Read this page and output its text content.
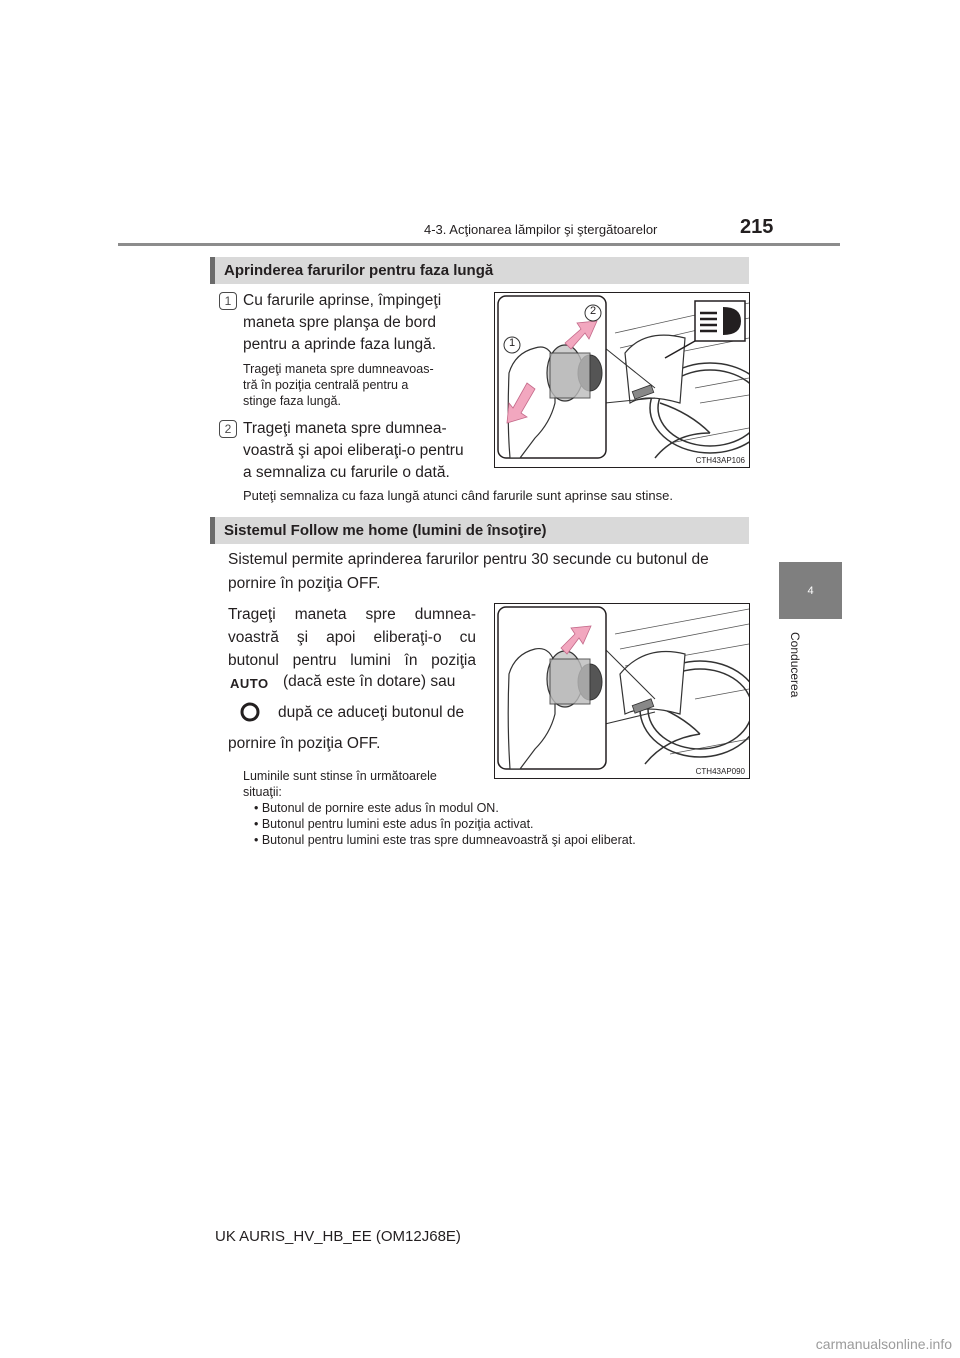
4-3. Acţionarea lămpilor şi ştergătoarelor	215
4
Conducerea
Aprinderea farurilor pentru faza lungă
1 Cu farurile aprinse, împingeţi
maneta spre planşa de bord
pentru a aprinde faza lungă.
Trageţi maneta spre dumneavoas-
tră în poziţia centrală pentru a
stinge faza lungă.
2 Trageţi maneta spre dumnea-
voastră şi apoi eliberaţi-o pentru
a semnaliza cu farurile o dată.
Puteţi semnaliza cu faza lungă atunci când farurile sunt aprinse sau stinse.
1
2
CTH43AP106
Sistemul Follow me home (lumini de însoţire)
Sistemul permite aprinderea farurilor pentru 30 secunde cu butonul de
pornire în poziţia OFF.
Trageţi maneta spre dumnea-
voastră şi apoi eliberaţi-o cu
butonul pentru lumini în poziţia
AUTO (dacă este în dotare) sau
după ce aduceţi butonul de
pornire în poziţia OFF.
Luminile sunt stinse în următoarele
situaţii:
• Butonul de pornire este adus în modul ON.
• Butonul pentru lumini este adus în poziţia activat.
• Butonul pentru lumini este tras spre dumneavoastră şi apoi eliberat.
CTH43AP090
UK AURIS_HV_HB_EE (OM12J68E)
carmanualsonline.info
